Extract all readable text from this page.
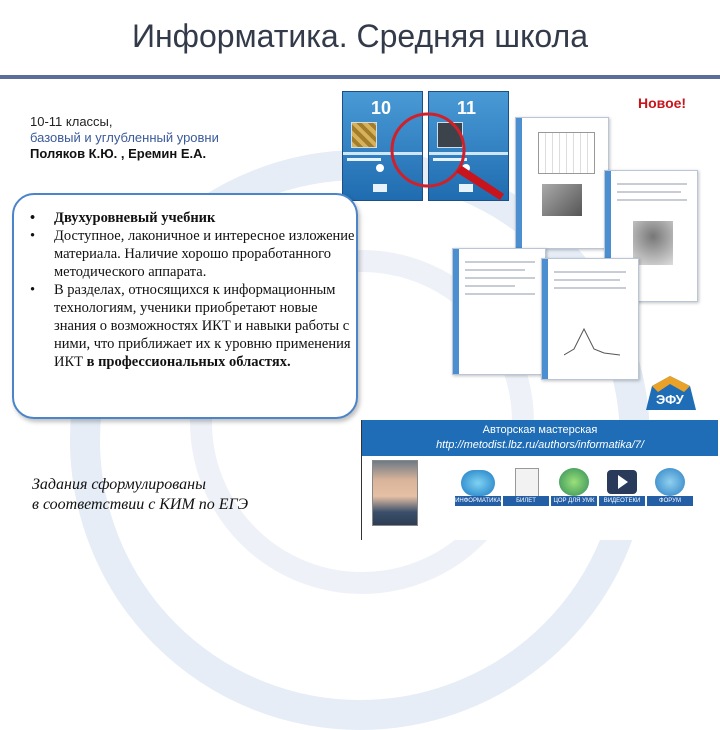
Информатика. Средняя школа
10-11 классы,
базовый и углубленный уровни
Поляков К.Ю. , Еремин Е.А.
10	11	Новое!
ЭФУ
• Двухуровневый учебник
• Доступное, лаконичное и интересное изложение материала. Наличие хорошо проработанного методического аппарата.
• В разделах, относящихся к информационным технологиям, ученики приобретают новые знания о возможностях ИКТ и навыки работы с ними, что приближает их к уровню применения ИКТ в профессиональных областях.
Авторская мастерская
http://metodist.lbz.ru/authors/informatika/7/
ИНФОРМАТИКА	БИЛЕТ	ЦОР ДЛЯ УМК	ВИДЕОТЕКИ	ФОРУМ
Задания сформулированы
в соответствии с КИМ по ЕГЭ
